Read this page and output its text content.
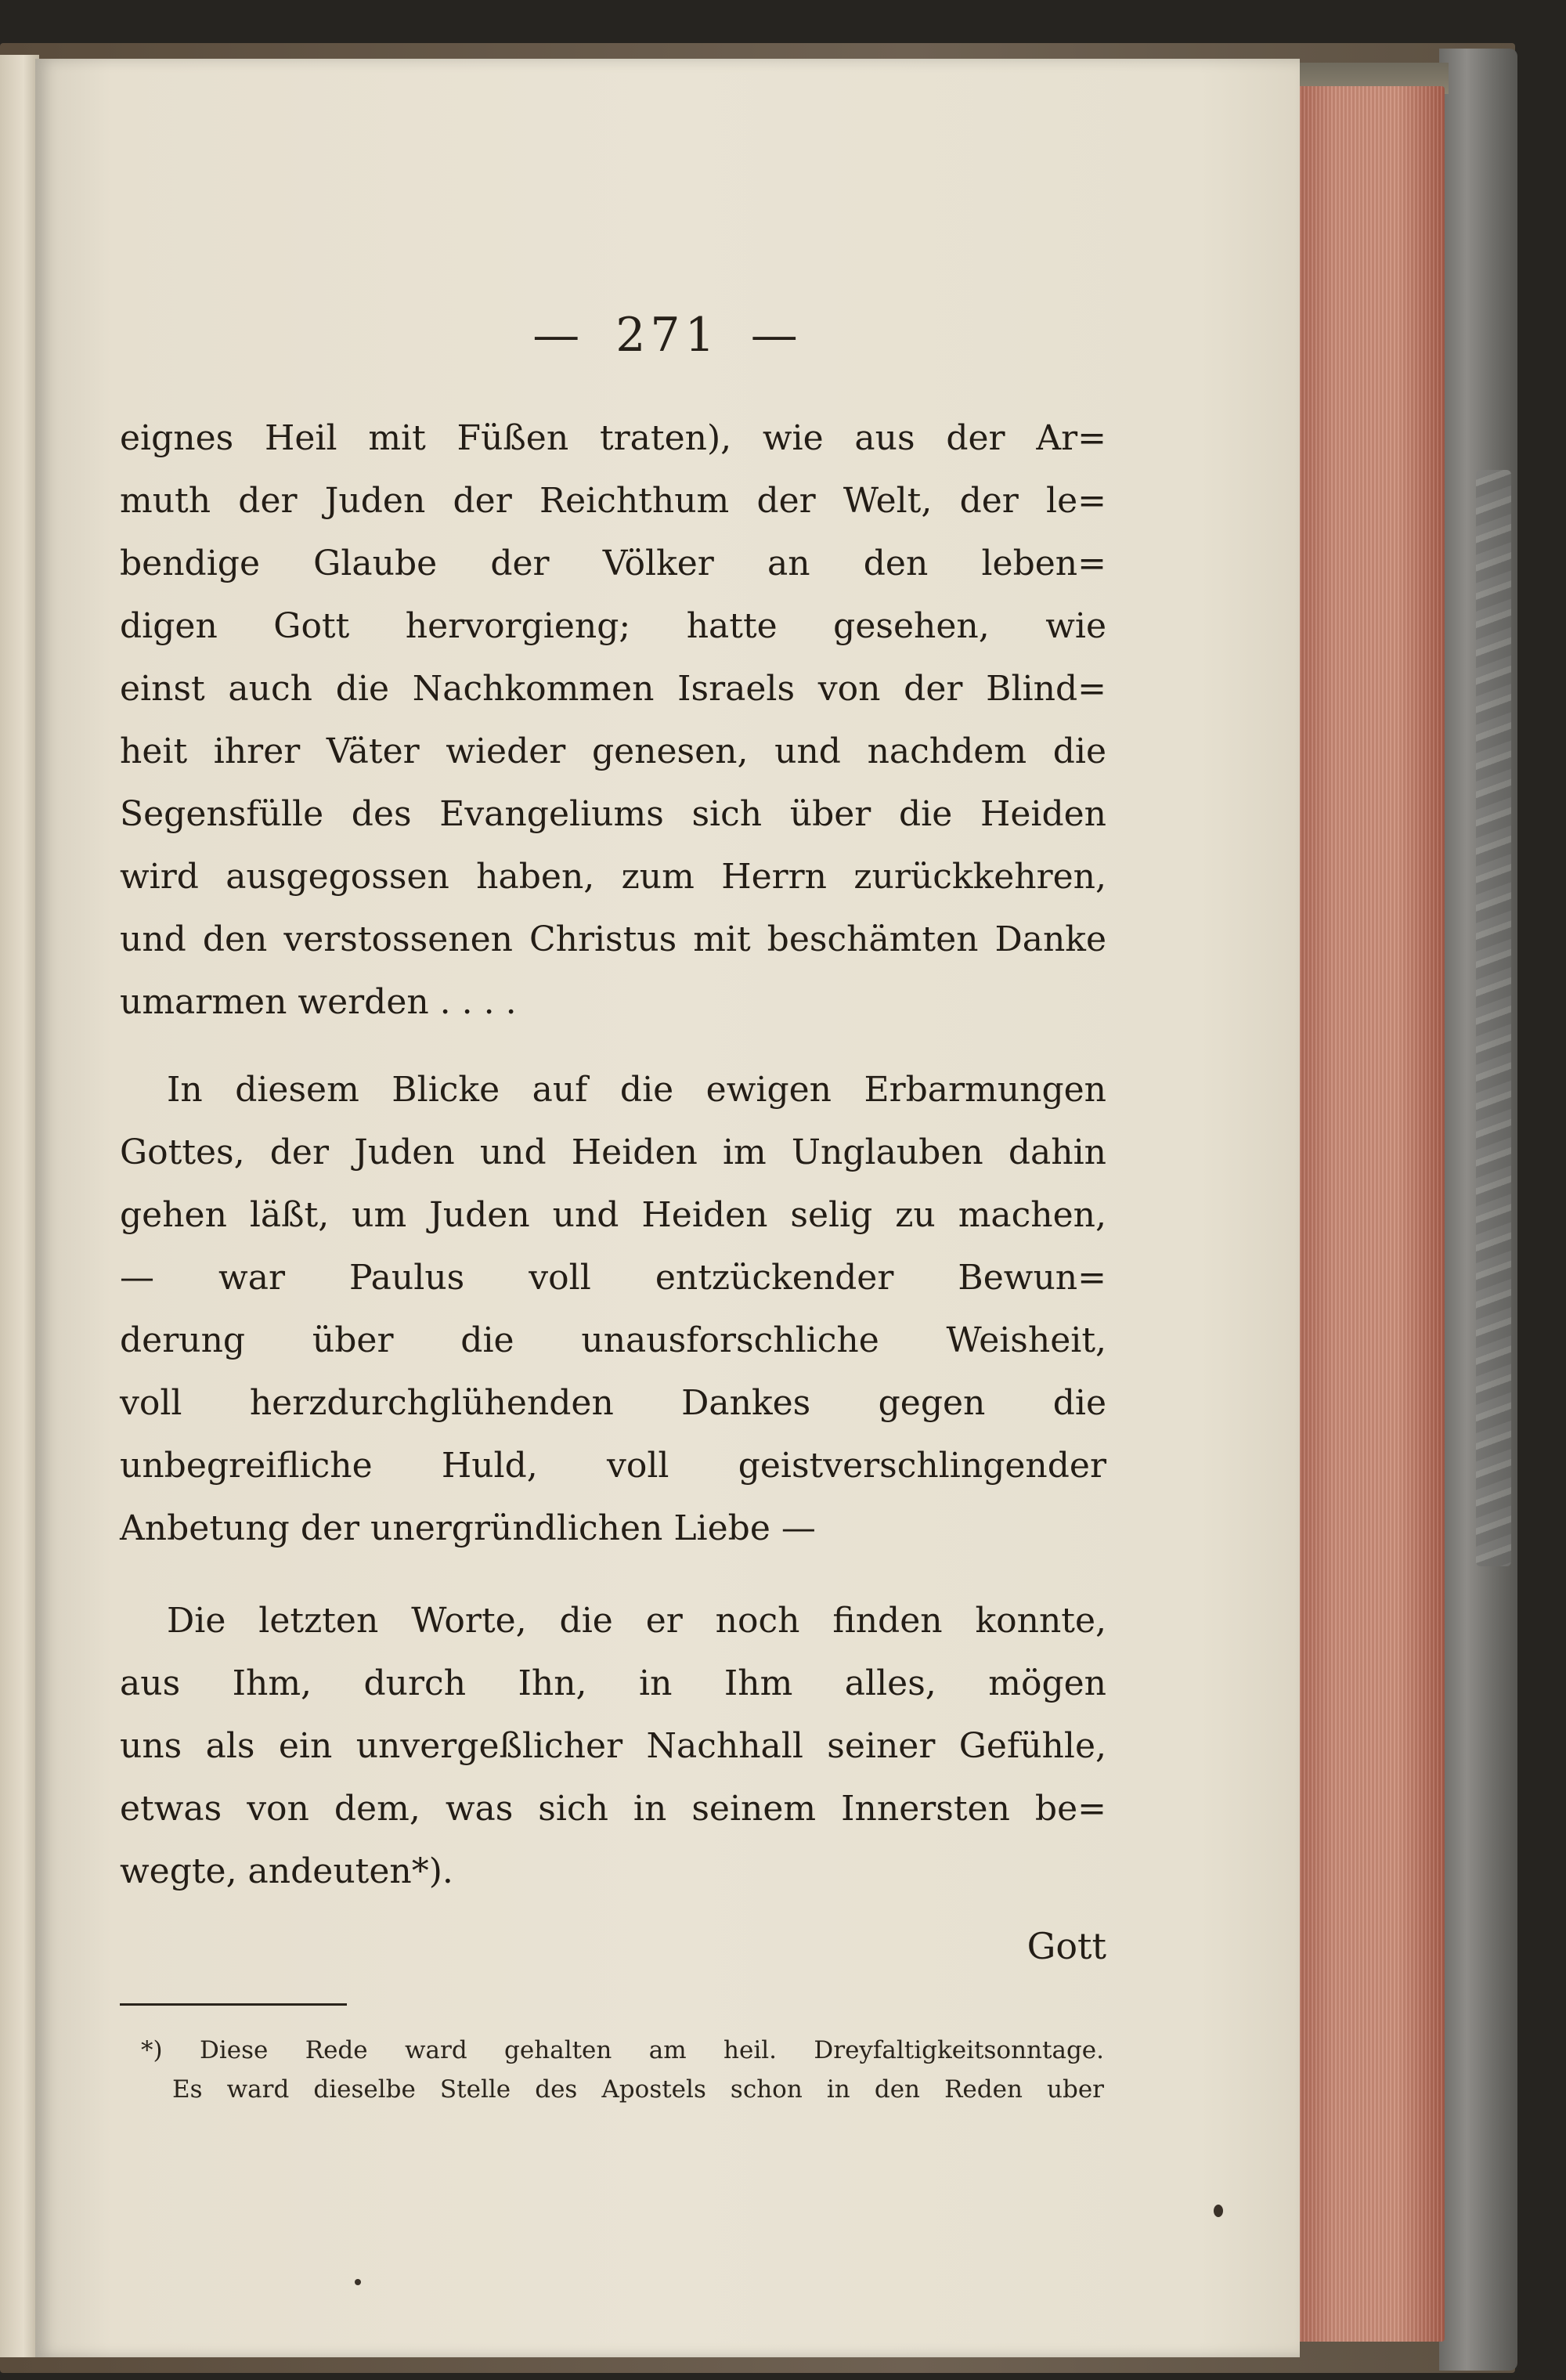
— 271 —
eignes Heil mit Füßen traten), wie aus der Ar=
muth der Juden der Reichthum der Welt, der le=
bendige Glaube der Völker an den leben=
digen Gott hervorgieng; hatte gesehen, wie
einst auch die Nachkommen Israels von der Blind=
heit ihrer Väter wieder genesen, und nachdem die
Segensfülle des Evangeliums sich über die Heiden
wird ausgegossen haben, zum Herrn zurückkehren,
und den verstossenen Christus mit beschämten Danke
umarmen werden . . . .
In diesem Blicke auf die ewigen Erbarmungen
Gottes, der Juden und Heiden im Unglauben dahin
gehen läßt, um Juden und Heiden selig zu machen,
— war Paulus voll entzückender Bewun=
derung über die unausforschliche Weisheit,
voll herzdurchglühenden Dankes gegen die
unbegreifliche Huld, voll geistverschlingender
Anbetung der unergründlichen Liebe —
Die letzten Worte, die er noch finden konnte,
aus Ihm, durch Ihn, in Ihm alles, mögen
uns als ein unvergeßlicher Nachhall seiner Gefühle,
etwas von dem, was sich in seinem Innersten be=
wegte, andeuten*).
Gott
*) Diese Rede ward gehalten am heil. Dreyfaltigkeitsonntage.
Es ward dieselbe Stelle des Apostels schon in den Reden uber
